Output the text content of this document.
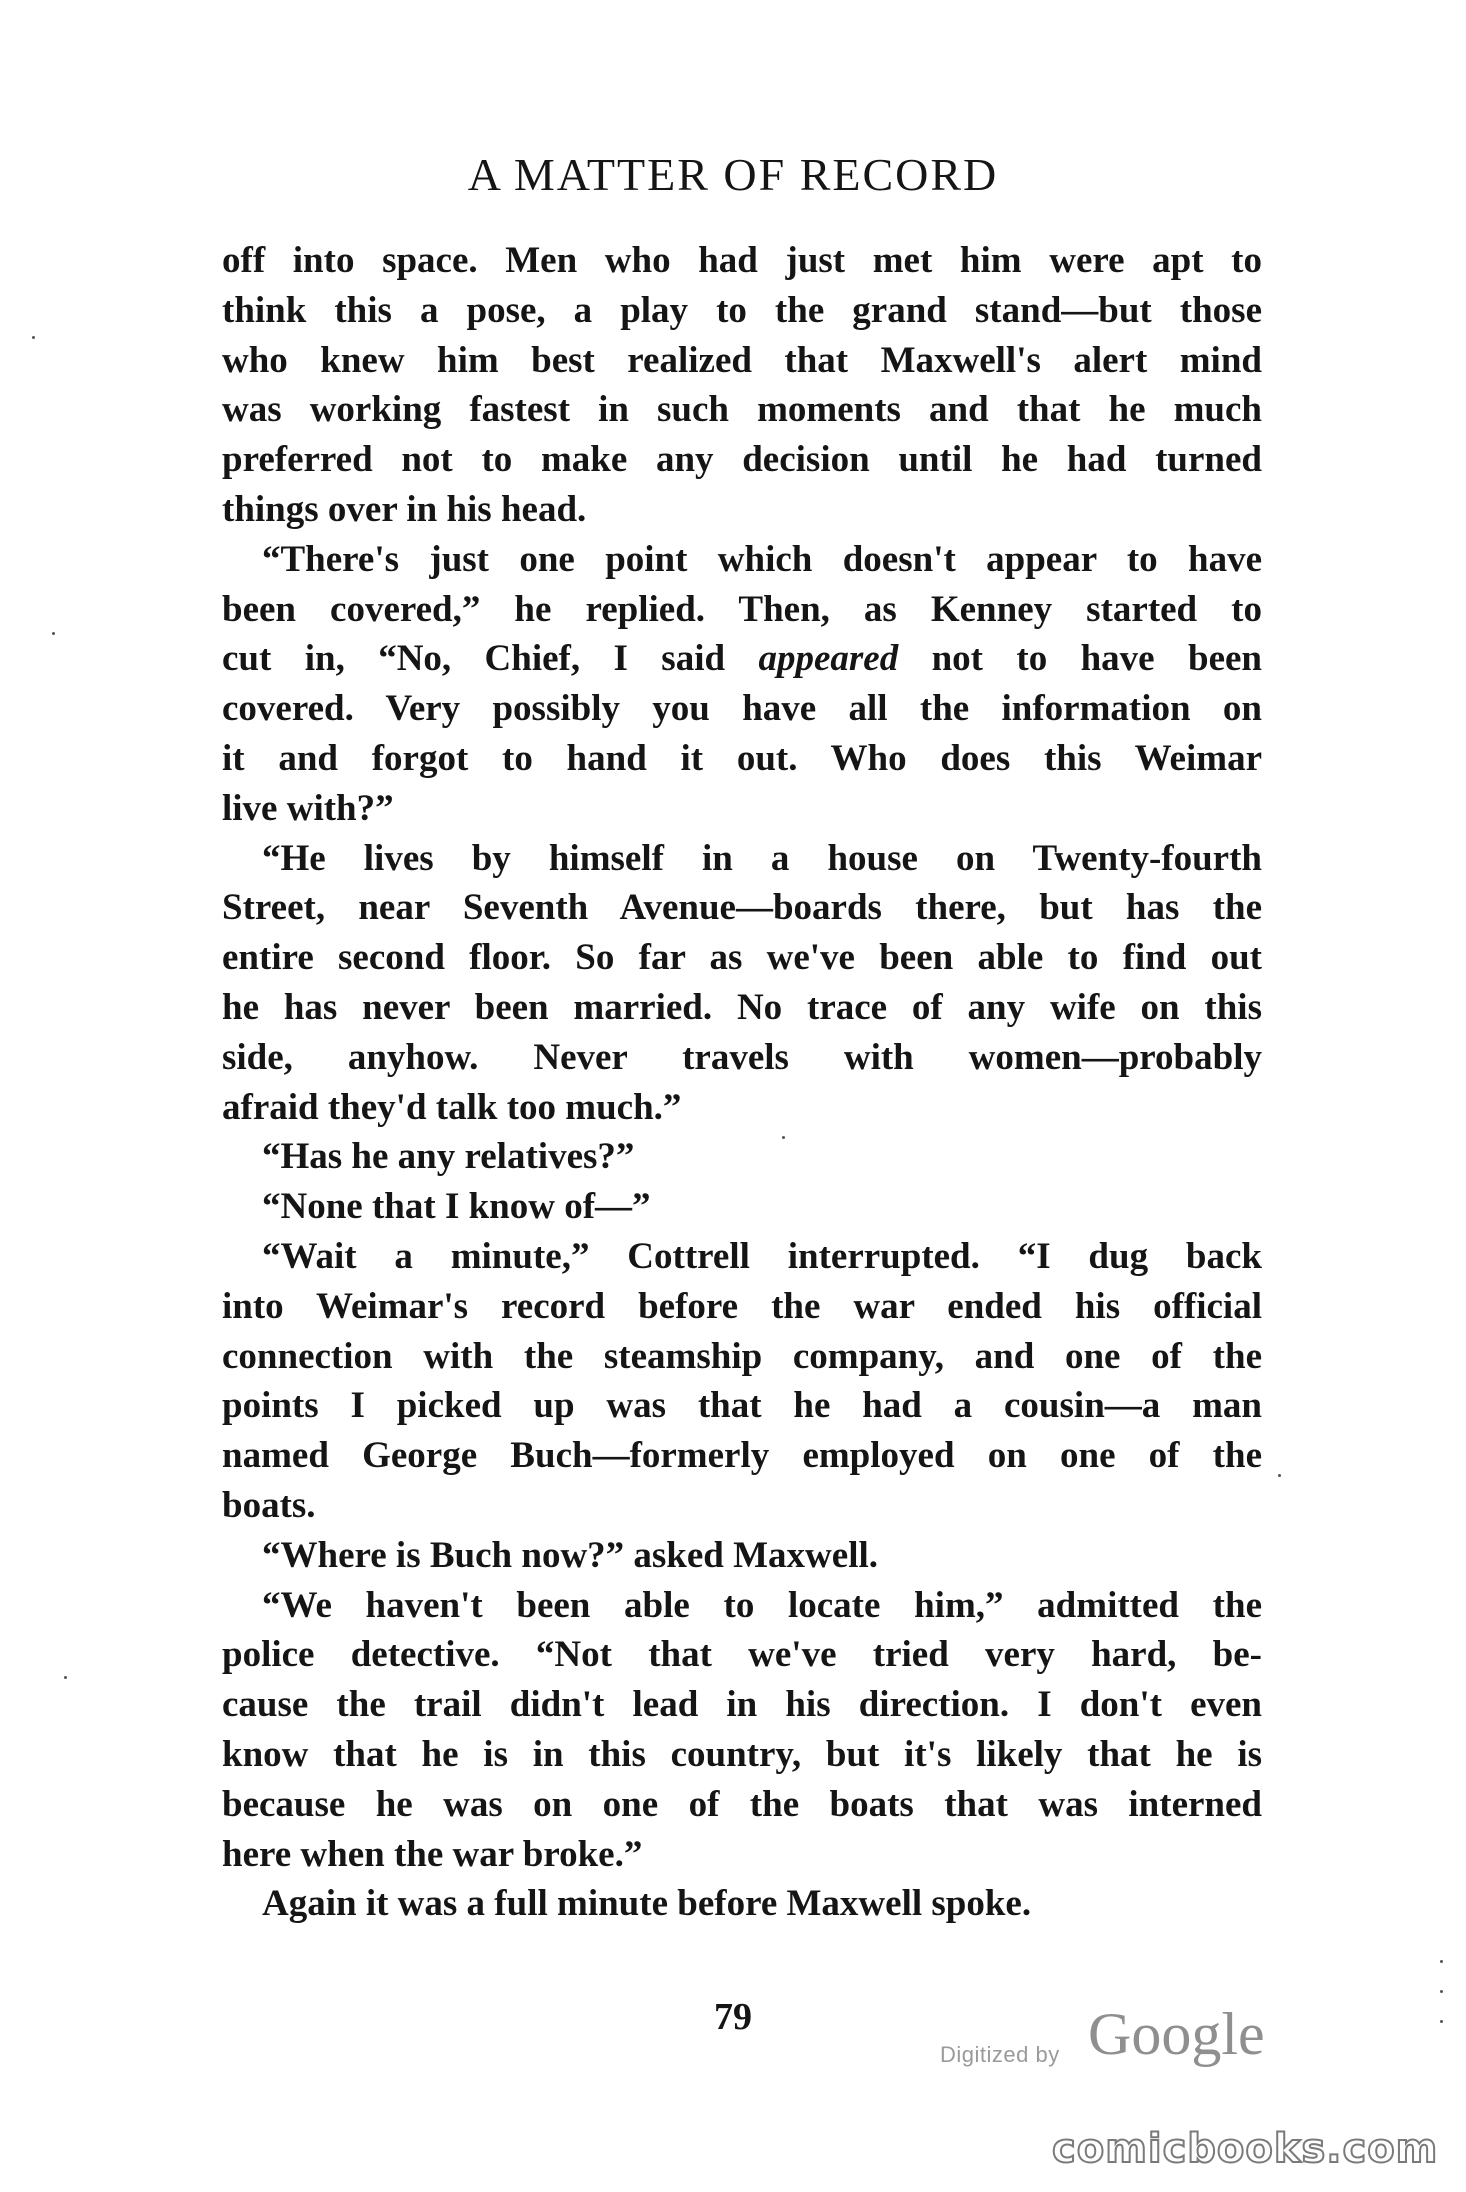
A MATTER OF RECORD
off into space. Men who had just met him were apt to
think this a pose, a play to the grand stand—but those
who knew him best realized that Maxwell's alert mind
was working fastest in such moments and that he much
preferred not to make any decision until he had turned
things over in his head.
“There's just one point which doesn't appear to have
been covered,” he replied. Then, as Kenney started to
cut in, “No, Chief, I said appeared not to have been
covered. Very possibly you have all the information on
it and forgot to hand it out. Who does this Weimar
live with?”
“He lives by himself in a house on Twenty-fourth
Street, near Seventh Avenue—boards there, but has the
entire second floor. So far as we've been able to find out
he has never been married. No trace of any wife on this
side, anyhow. Never travels with women—probably
afraid they'd talk too much.”
“Has he any relatives?”
“None that I know of—”
“Wait a minute,” Cottrell interrupted. “I dug back
into Weimar's record before the war ended his official
connection with the steamship company, and one of the
points I picked up was that he had a cousin—a man
named George Buch—formerly employed on one of the
boats.
“Where is Buch now?” asked Maxwell.
“We haven't been able to locate him,” admitted the
police detective. “Not that we've tried very hard, be-
cause the trail didn't lead in his direction. I don't even
know that he is in this country, but it's likely that he is
because he was on one of the boats that was interned
here when the war broke.”
Again it was a full minute before Maxwell spoke.
79
Digitized by Google
comicbooks.com
